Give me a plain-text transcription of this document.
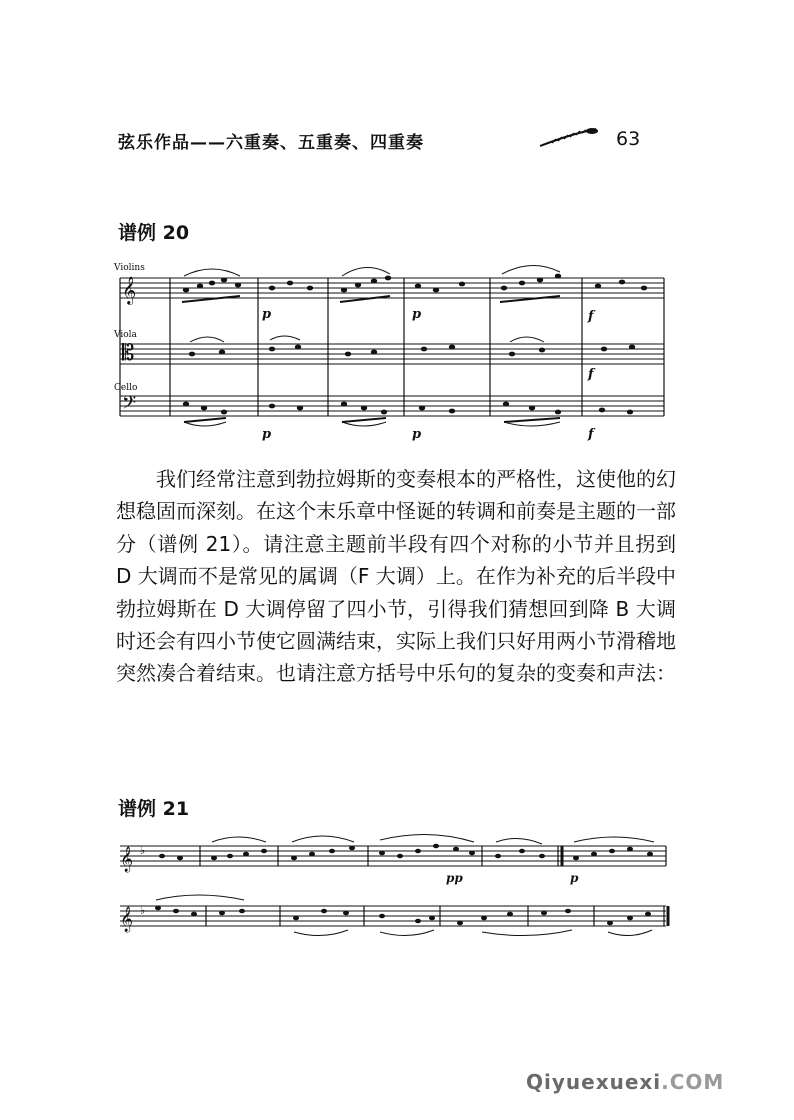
弦乐作品——六重奏、五重奏、四重奏	63
谱例 20
𝄞
𝄡
𝄢
p	p	f
f
p	p	f
Violins
Viola
Cello

我们经常注意到勃拉姆斯的变奏根本的严格性，这使他的幻想稳固而深刻。在这个末乐章中怪诞的转调和前奏是主题的一部分（谱例 21）。请注意主题前半段有四个对称的小节并且拐到 D 大调而不是常见的属调（F 大调）上。在作为补充的后半段中勃拉姆斯在 D 大调停留了四小节，引得我们猜想回到降 B 大调时还会有四小节使它圆满结束，实际上我们只好用两小节滑稽地突然凑合着结束。也请注意方括号中乐句的复杂的变奏和声法：

谱例 21
𝄞
𝄞
♭
♭
pp	p
Qiyuexuexi.COM
